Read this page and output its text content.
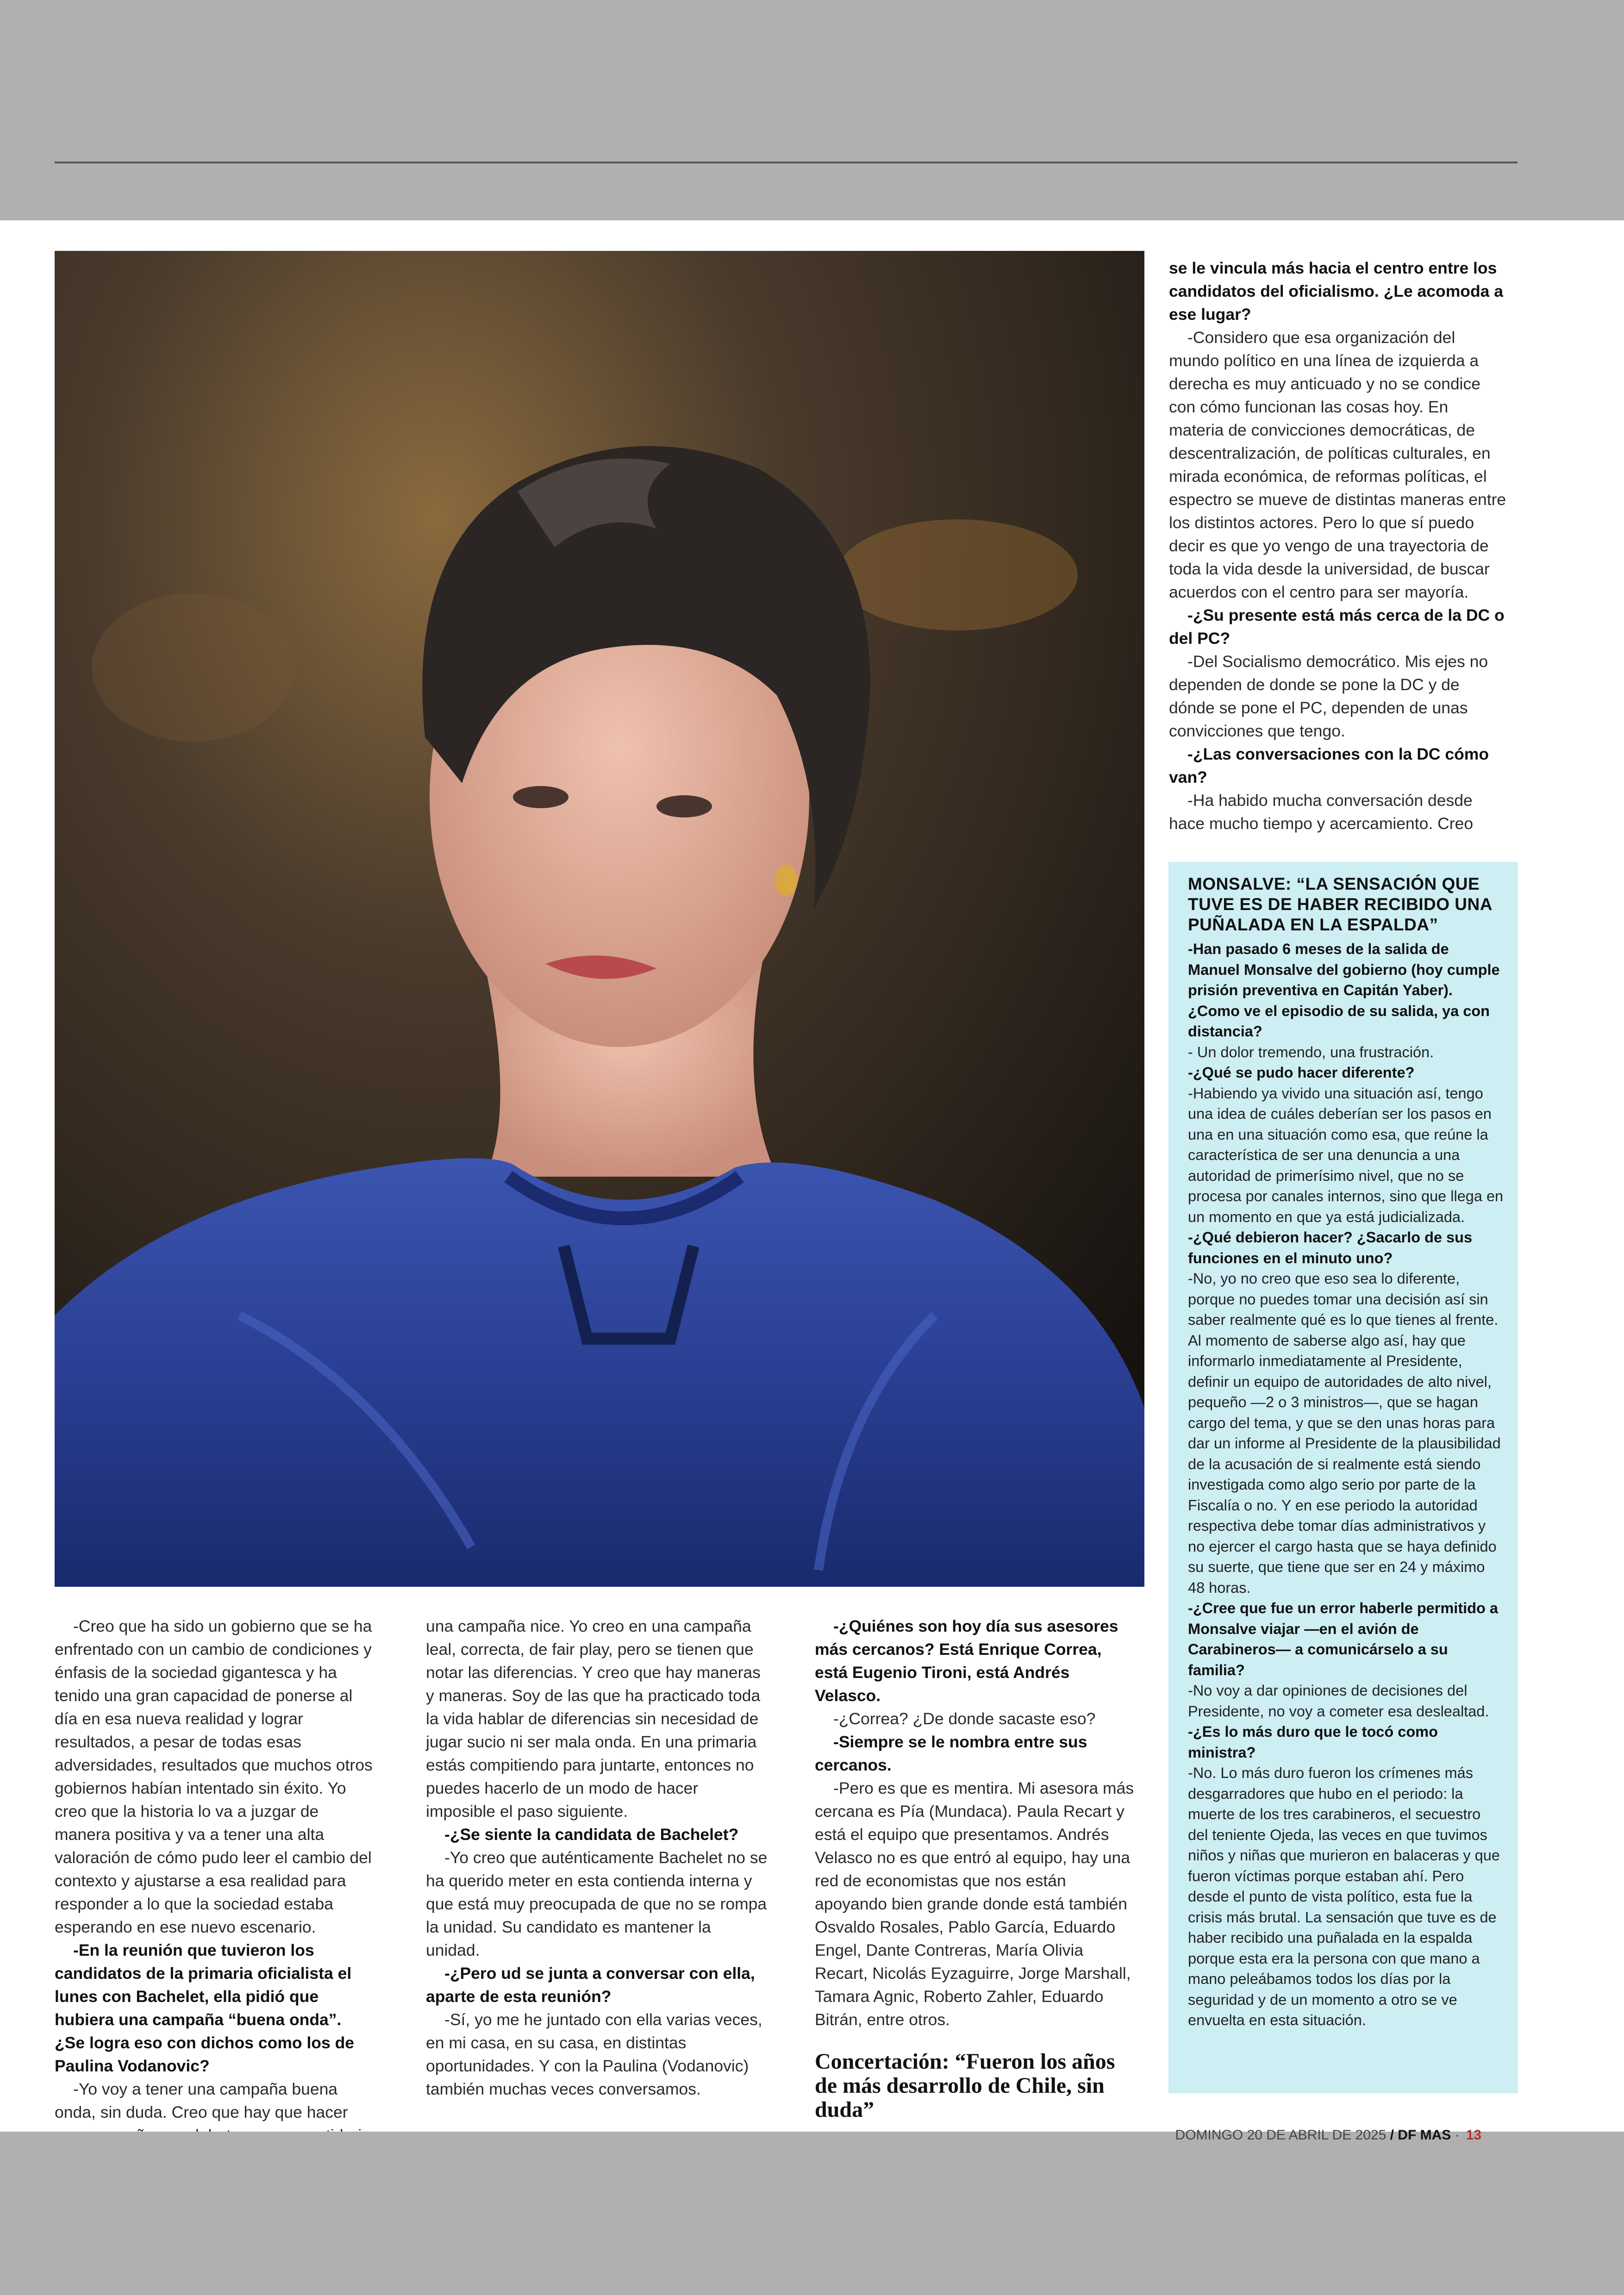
-Creo que ha sido un gobierno que se ha enfrentado con un cambio de condiciones y énfasis de la sociedad gigantesca y ha tenido una gran capacidad de ponerse al día en esa nueva realidad y lograr resultados, a pesar de todas esas adversidades, resultados que muchos otros gobiernos habían intentado sin éxito. Yo creo que la historia lo va a juzgar de manera positiva y va a tener una alta valoración de cómo pudo leer el cambio del contexto y ajustarse a esa realidad para responder a lo que la sociedad estaba esperando en ese nuevo escenario.

-En la reunión que tuvieron los candidatos de la primaria oficialista el lunes con Bachelet, ella pidió que hubiera una campaña “buena onda”. ¿Se logra eso con dichos como los de Paulina Vodanovic?

-Yo voy a tener una campaña buena onda, sin duda. Creo que hay que hacer

una campaña nice. Yo creo en una campaña leal, correcta, de fair play, pero se tienen que notar las diferencias. Y creo que hay maneras y maneras. Soy de las que ha practicado toda la vida hablar de diferencias sin necesidad de jugar sucio ni ser mala onda. En una primaria estás compitiendo para juntarte, entonces no puedes hacerlo de un modo de hacer imposible el paso siguiente.

-¿Se siente la candidata de Bachelet?

-Yo creo que auténticamente Bachelet no se ha querido meter en esta contienda interna y que está muy preocupada de que no se rompa la unidad. Su candidato es mantener la unidad.

-¿Pero ud se junta a conversar con ella, aparte de esta reunión?

-Sí, yo me he juntado con ella varias veces, en mi casa, en su casa, en distintas oportunidades. Y con la Paulina (Vodanovic) también muchas veces conversamos.

-¿Quiénes son hoy día sus asesores más cercanos? Está Enrique Correa, está Eugenio Tironi, está Andrés Velasco.

-¿Correa? ¿De donde sacaste eso?

-Siempre se le nombra entre sus cercanos.

-Pero es que es mentira. Mi asesora más cercana es Pía (Mundaca). Paula Recart y está el equipo que presentamos. Andrés Velasco no es que entró al equipo, hay una red de economistas que nos están apoyando bien grande donde está también Osvaldo Rosales, Pablo García, Eduardo Engel, Dante Contreras, María Olivia Recart, Nicolás Eyzaguirre, Jorge Marshall, Tamara Agnic, Roberto Zahler, Eduardo Bitrán, entre otros.

Concertación: “Fueron los años de más desarrollo de Chile, sin duda”

se le vincula más hacia el centro entre los candidatos del oficialismo. ¿Le acomoda a ese lugar?

-Considero que esa organización del mundo político en una línea de izquierda a derecha es muy anticuado y no se condice con cómo funcionan las cosas hoy. En materia de convicciones democráticas, de descentralización, de políticas culturales, en mirada económica, de reformas políticas, el espectro se mueve de distintas maneras entre los distintos actores. Pero lo que sí puedo decir es que yo vengo de una trayectoria de toda la vida desde la universidad, de buscar acuerdos con el centro para ser mayoría.

-¿Su presente está más cerca de la DC o del PC?

-Del Socialismo democrático. Mis ejes no dependen de donde se pone la DC y de dónde se pone el PC, dependen de unas convicciones que tengo.

-¿Las conversaciones con la DC cómo van?

-Ha habido mucha conversación desde hace mucho tiempo y acercamiento. Creo

MONSALVE: “LA SENSACIÓN QUE TUVE ES DE HABER RECIBIDO UNA PUÑALADA EN LA ESPALDA”

-Han pasado 6 meses de la salida de Manuel Monsalve del gobierno (hoy cumple prisión preventiva en Capitán Yaber). ¿Como ve el episodio de su salida, ya con distancia?

- Un dolor tremendo, una frustración.

-¿Qué se pudo hacer diferente?

-Habiendo ya vivido una situación así, tengo una idea de cuáles deberían ser los pasos en una en una situación como esa, que reúne la característica de ser una denuncia a una autoridad de primerísimo nivel, que no se procesa por canales internos, sino que llega en un momento en que ya está judicializada.

-¿Qué debieron hacer? ¿Sacarlo de sus funciones en el minuto uno?

-No, yo no creo que eso sea lo diferente, porque no puedes tomar una decisión así sin saber realmente qué es lo que tienes al frente. Al momento de saberse algo así, hay que informarlo inmediatamente al Presidente, definir un equipo de autoridades de alto nivel, pequeño —2 o 3 ministros—, que se hagan cargo del tema, y que se den unas horas para dar un informe al Presidente de la plausibilidad de la acusación de si realmente está siendo investigada como algo serio por parte de la Fiscalía o no. Y en ese periodo la autoridad respectiva debe tomar días administrativos y no ejercer el cargo hasta que se haya definido su suerte, que tiene que ser en 24 y máximo 48 horas.

-¿Cree que fue un error haberle permitido a Monsalve viajar —en el avión de Carabineros— a comunicárselo a su familia?

-No voy a dar opiniones de decisiones del Presidente, no voy a cometer esa deslealtad.

-¿Es lo más duro que le tocó como ministra?

-No. Lo más duro fueron los crímenes más desgarradores que hubo en el periodo: la muerte de los tres carabineros, el secuestro del teniente Ojeda, las veces en que tuvimos niños y niñas que murieron en balaceras y que fueron víctimas porque estaban ahí. Pero desde el punto de vista político, esta fue la crisis más brutal. La sensación que tuve es de haber recibido una puñalada en la espalda porque esta era la persona con que mano a mano peleábamos todos los días por la seguridad y de un momento a otro se ve envuelta en esta situación.

DOMINGO 20 DE ABRIL DE 2025 / DF MAS · 13
